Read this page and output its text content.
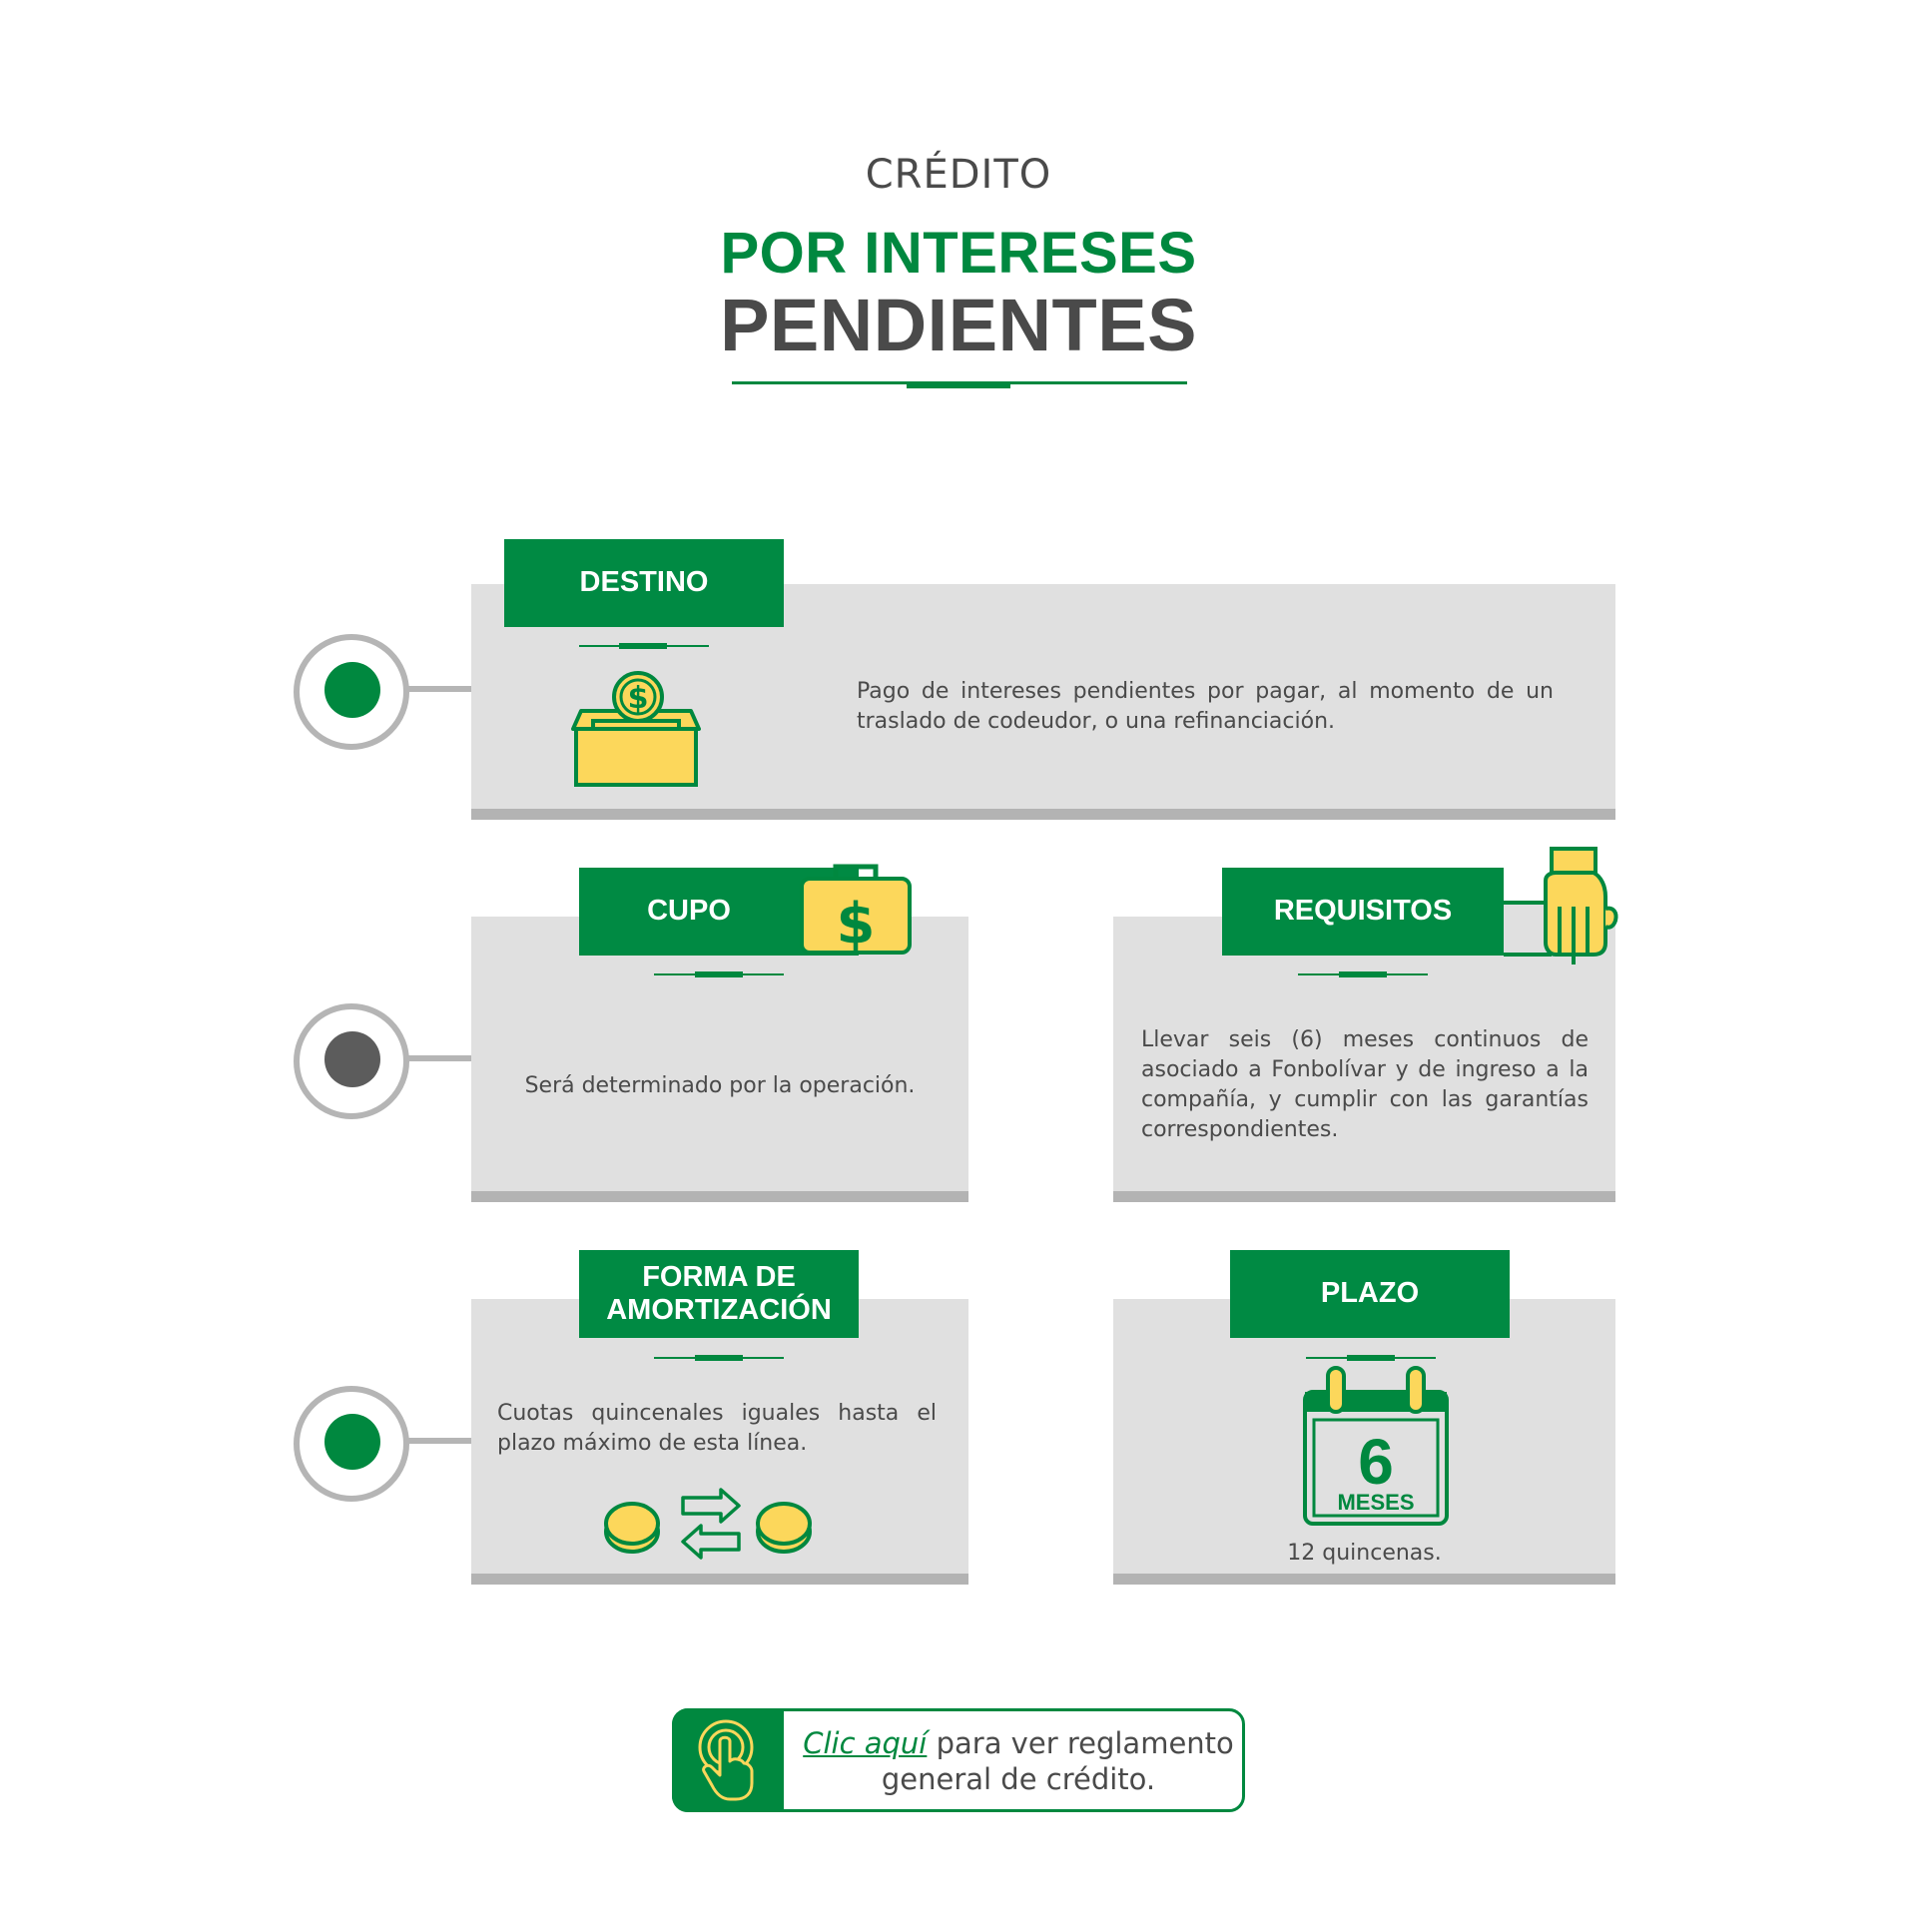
CRÉDITO
POR INTERESES
PENDIENTES
DESTINO
$	Pago de intereses pendientes por pagar, al momento de un traslado de codeudor, o una refinanciación.
CUPO $
Será determinado por la operación.
REQUISITOS
Llevar seis (6) meses continuos de asociado a Fonbolívar y de ingreso a la compañía, y cumplir con las garantías correspondientes.
FORMA DE
AMORTIZACIÓN
Cuotas quincenales iguales hasta el plazo máximo de esta línea.
PLAZO
6
MESES
12 quincenas.
Clic aquí para ver reglamento general de crédito.
